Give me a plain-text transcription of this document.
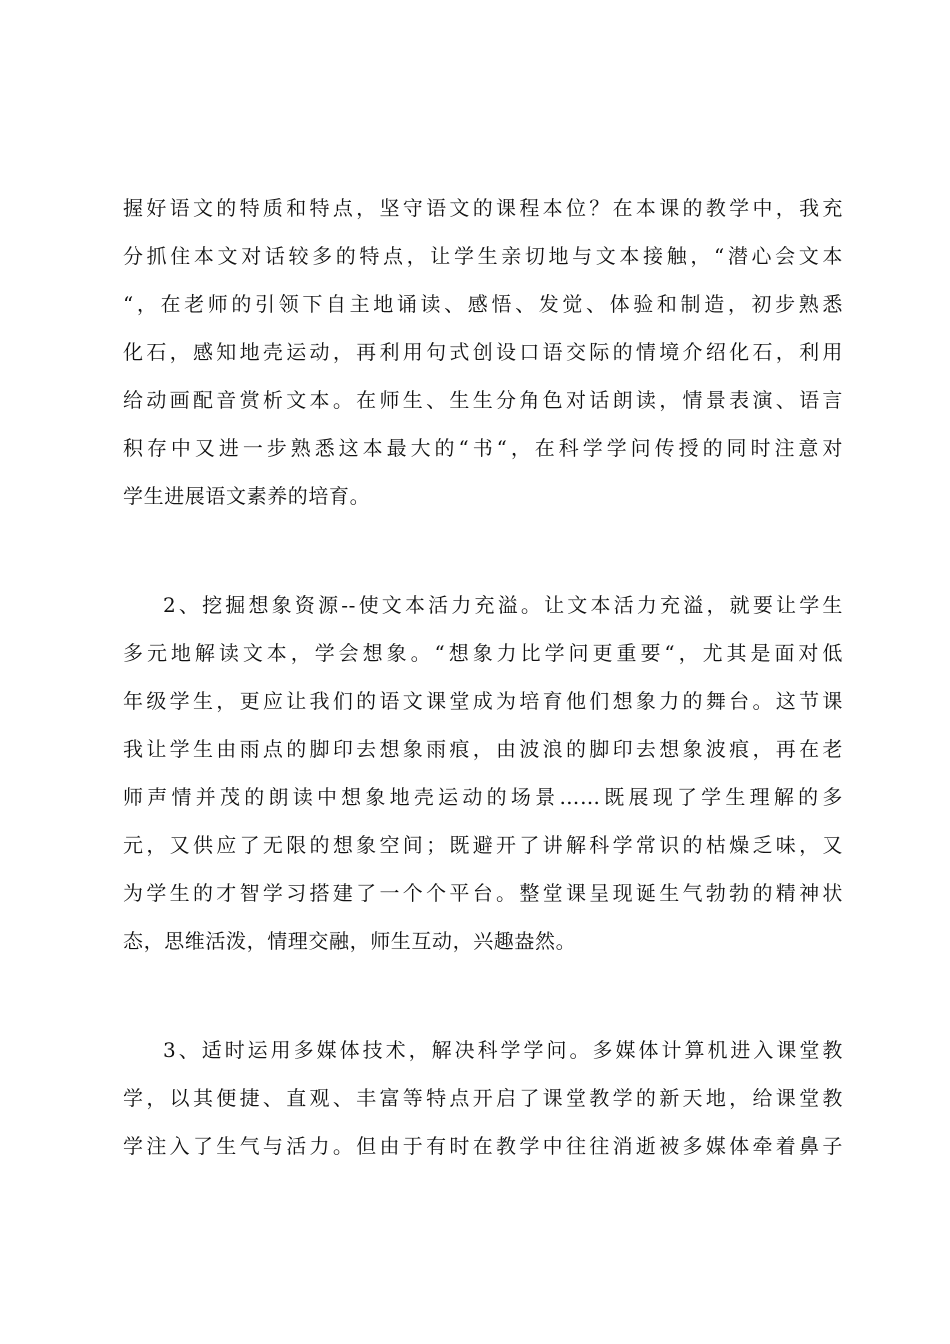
握好语文的特质和特点，坚守语文的课程本位？在本课的教学中，我充
分抓住本文对话较多的特点，让学生亲切地与文本接触，“潜心会文本
“，在老师的引领下自主地诵读、感悟、发觉、体验和制造，初步熟悉
化石，感知地壳运动，再利用句式创设口语交际的情境介绍化石，利用
给动画配音赏析文本。在师生、生生分角色对话朗读，情景表演、语言
积存中又进一步熟悉这本最大的“书“，在科学学问传授的同时注意对
学生进展语文素养的培育。
2、挖掘想象资源--使文本活力充溢。让文本活力充溢，就要让学生
多元地解读文本，学会想象。“想象力比学问更重要“，尤其是面对低
年级学生，更应让我们的语文课堂成为培育他们想象力的舞台。这节课
我让学生由雨点的脚印去想象雨痕，由波浪的脚印去想象波痕，再在老
师声情并茂的朗读中想象地壳运动的场景……既展现了学生理解的多
元，又供应了无限的想象空间；既避开了讲解科学常识的枯燥乏味，又
为学生的才智学习搭建了一个个平台。整堂课呈现诞生气勃勃的精神状
态，思维活泼，情理交融，师生互动，兴趣盎然。
3、适时运用多媒体技术，解决科学学问。多媒体计算机进入课堂教
学，以其便捷、直观、丰富等特点开启了课堂教学的新天地，给课堂教
学注入了生气与活力。但由于有时在教学中往往消逝被多媒体牵着鼻子
